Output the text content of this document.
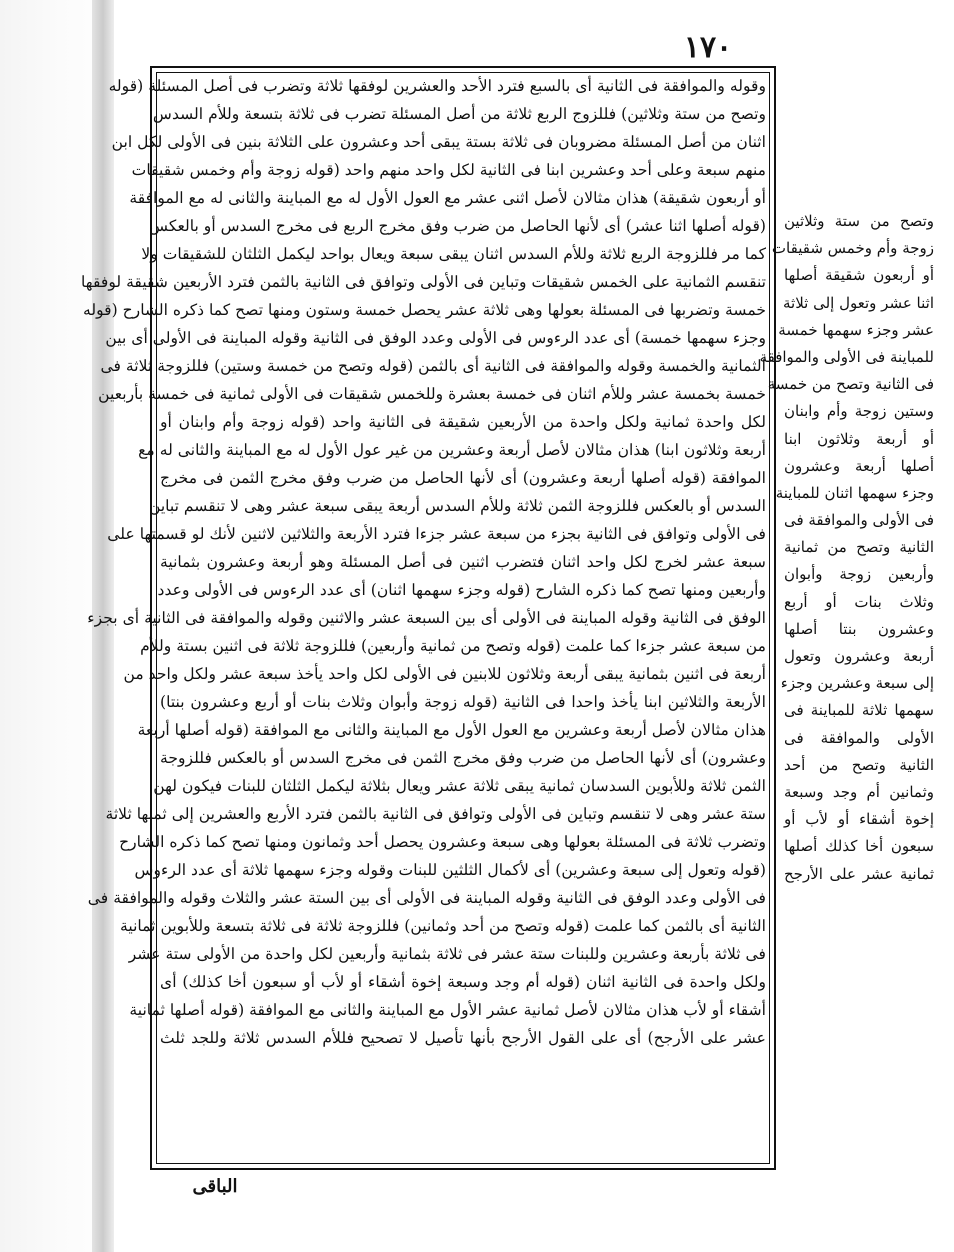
١٧٠
وقوله والموافقة فى الثانية أى بالسبع فترد الأحد والعشرين لوفقها ثلاثة وتضرب فى أصل المسئلة (قوله
وتصح من ستة وثلاثين) فللزوج الربع ثلاثة من أصل المسئلة تضرب فى ثلاثة بتسعة وللأم السدس
اثنان من أصل المسئلة مضروبان فى ثلاثة بستة يبقى أحد وعشرون على الثلاثة بنين فى الأولى لكل ابن
منهم سبعة وعلى أحد وعشرين ابنا فى الثانية لكل واحد منهم واحد (قوله زوجة وأم وخمس شقيقات
أو أربعون شقيقة) هذان مثالان لأصل اثنى عشر مع العول الأول له مع المباينة والثانى له مع الموافقة
(قوله أصلها اثنا عشر) أى لأنها الحاصل من ضرب وفق مخرج الربع فى مخرج السدس أو بالعكس
كما مر فللزوجة الربع ثلاثة وللأم السدس اثنان يبقى سبعة ويعال بواحد ليكمل الثلثان للشقيقات ولا
تنقسم الثمانية على الخمس شقيقات وتباين فى الأولى وتوافق فى الثانية بالثمن فترد الأربعين شقيقة لوفقها
خمسة وتضربها فى المسئلة بعولها وهى ثلاثة عشر يحصل خمسة وستون ومنها تصح كما ذكره الشارح (قوله
وجزء سهمها خمسة) أى عدد الرءوس فى الأولى وعدد الوفق فى الثانية وقوله المباينة فى الأولى أى بين
الثمانية والخمسة وقوله والموافقة فى الثانية أى بالثمن (قوله وتصح من خمسة وستين) فللزوجة ثلاثة فى
خمسة بخمسة عشر وللأم اثنان فى خمسة بعشرة وللخمس شقيقات فى الأولى ثمانية فى خمسة بأربعين
لكل واحدة ثمانية ولكل واحدة من الأربعين شقيقة فى الثانية واحد (قوله زوجة وأم وابنان أو
أربعة وثلاثون ابنا) هذان مثالان لأصل أربعة وعشرين من غير عول الأول له مع المباينة والثانى له مع
الموافقة (قوله أصلها أربعة وعشرون) أى لأنها الحاصل من ضرب وفق مخرج الثمن فى مخرج
السدس أو بالعكس فللزوجة الثمن ثلاثة وللأم السدس أربعة يبقى سبعة عشر وهى لا تنقسم تباين
فى الأولى وتوافق فى الثانية بجزء من سبعة عشر جزءا فترد الأربعة والثلاثين لاثنين لأنك لو قسمتها على
سبعة عشر لخرج لكل واحد اثنان فتضرب اثنين فى أصل المسئلة وهو أربعة وعشرون بثمانية
وأربعين ومنها تصح كما ذكره الشارح (قوله وجزء سهمها اثنان) أى عدد الرءوس فى الأولى وعدد
الوفق فى الثانية وقوله المباينة فى الأولى أى بين السبعة عشر والاثنين وقوله والموافقة فى الثانية أى بجزء
من سبعة عشر جزءا كما علمت (قوله وتصح من ثمانية وأربعين) فللزوجة ثلاثة فى اثنين بستة وللأم
أربعة فى اثنين بثمانية يبقى أربعة وثلاثون للابنين فى الأولى لكل واحد يأخذ سبعة عشر ولكل واحد من
الأربعة والثلاثين ابنا يأخذ واحدا فى الثانية (قوله زوجة وأبوان وثلاث بنات أو أربع وعشرون بنتا)
هذان مثالان لأصل أربعة وعشرين مع العول الأول مع المباينة والثانى مع الموافقة (قوله أصلها أربعة
وعشرون) أى لأنها الحاصل من ضرب وفق مخرج الثمن فى مخرج السدس أو بالعكس فللزوجة
الثمن ثلاثة وللأبوين السدسان ثمانية يبقى ثلاثة عشر ويعال بثلاثة ليكمل الثلثان للبنات فيكون لهن
ستة عشر وهى لا تنقسم وتباين فى الأولى وتوافق فى الثانية بالثمن فترد الأربع والعشرين إلى ثمنها ثلاثة
وتضرب ثلاثة فى المسئلة بعولها وهى سبعة وعشرون يحصل أحد وثمانون ومنها تصح كما ذكره الشارح
(قوله وتعول إلى سبعة وعشرين) أى لأكمال الثلثين للبنات وقوله وجزء سهمها ثلاثة أى عدد الرءوس
فى الأولى وعدد الوفق فى الثانية وقوله المباينة فى الأولى أى بين الستة عشر والثلاث وقوله والموافقة فى
الثانية أى بالثمن كما علمت (قوله وتصح من أحد وثمانين) فللزوجة ثلاثة فى ثلاثة بتسعة وللأبوين ثمانية
فى ثلاثة بأربعة وعشرين وللبنات ستة عشر فى ثلاثة بثمانية وأربعين لكل واحدة من الأولى ستة عشر
ولكل واحدة فى الثانية اثنان (قوله أم وجد وسبعة إخوة أشقاء أو لأب أو سبعون أخا كذلك) أى
أشقاء أو لأب هذان مثالان لأصل ثمانية عشر الأول مع المباينة والثانى مع الموافقة (قوله أصلها ثمانية
عشر على الأرجح) أى على القول الأرجح بأنها تأصيل لا تصحيح فللأم السدس ثلاثة وللجد ثلث
وتصح من ستة وثلاثين
زوجة وأم وخمس شقيقات
أو أربعون شقيقة أصلها
اثنا عشر وتعول إلى ثلاثة
عشر وجزء سهمها خمسة
للمباينة فى الأولى والموافقة
فى الثانية وتصح من خمسة
وستين زوجة وأم وابنان
أو أربعة وثلاثون ابنا
أصلها أربعة وعشرون
وجزء سهمها اثنان للمباينة
فى الأولى والموافقة فى
الثانية وتصح من ثمانية
وأربعين زوجة وأبوان
وثلاث بنات أو أربع
وعشرون بنتا أصلها
أربعة وعشرون وتعول
إلى سبعة وعشرين وجزء
سهمها ثلاثة للمباينة فى
الأولى والموافقة فى
الثانية وتصح من أحد
وثمانين أم وجد وسبعة
إخوة أشقاء أو لأب أو
سبعون أخا كذلك أصلها
ثمانية عشر على الأرجح
الباقى
